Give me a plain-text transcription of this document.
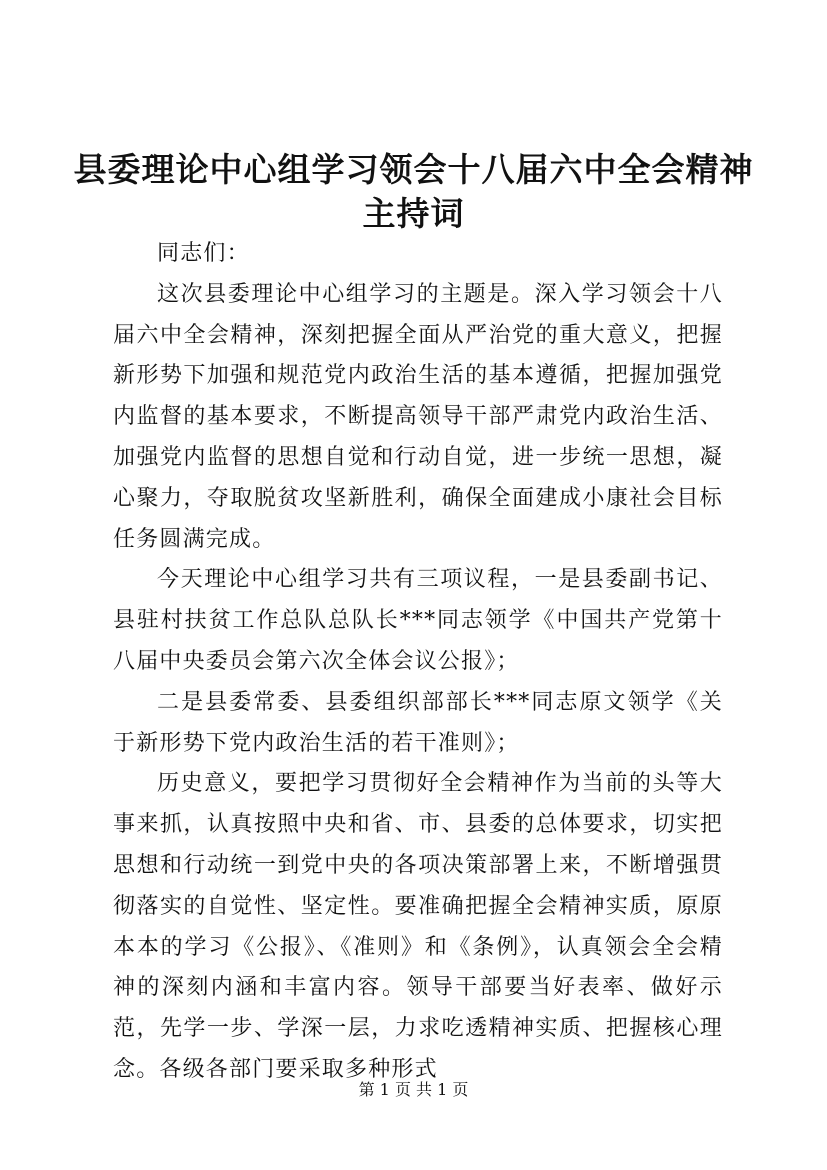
县委理论中心组学习领会十八届六中全会精神
主持词

同志们：

这次县委理论中心组学习的主题是。深入学习领会十八届六中全会精神，深刻把握全面从严治党的重大意义，把握新形势下加强和规范党内政治生活的基本遵循，把握加强党内监督的基本要求，不断提高领导干部严肃党内政治生活、加强党内监督的思想自觉和行动自觉，进一步统一思想，凝心聚力，夺取脱贫攻坚新胜利，确保全面建成小康社会目标任务圆满完成。

今天理论中心组学习共有三项议程，一是县委副书记、县驻村扶贫工作总队总队长***同志领学《中国共产党第十八届中央委员会第六次全体会议公报》；

二是县委常委、县委组织部部长***同志原文领学《关于新形势下党内政治生活的若干准则》；

历史意义，要把学习贯彻好全会精神作为当前的头等大事来抓，认真按照中央和省、市、县委的总体要求，切实把思想和行动统一到党中央的各项决策部署上来，不断增强贯彻落实的自觉性、坚定性。要准确把握全会精神实质，原原本本的学习《公报》、《准则》和《条例》，认真领会全会精神的深刻内涵和丰富内容。领导干部要当好表率、做好示范，先学一步、学深一层，力求吃透精神实质、把握核心理念。各级各部门要采取多种形式

第 1 页 共 1 页
